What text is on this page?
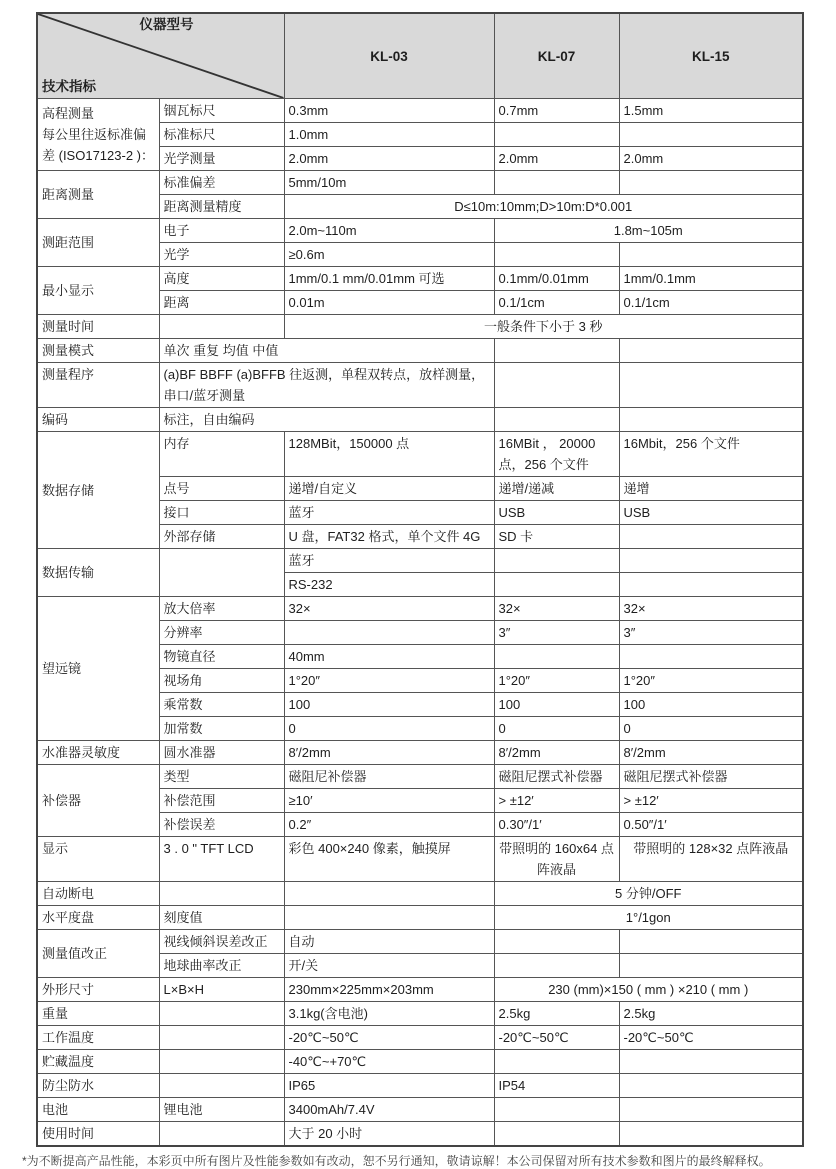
仪器型号

技术指标		KL-03	KL-07	KL-15
高程测量
每公里往返标准偏差 (ISO17123-2 )：	铟瓦标尺	0.3mm	0.7mm	1.5mm
	标准标尺	1.0mm		
	光学测量	2.0mm	2.0mm	2.0mm
距离测量	标准偏差	5mm/10m		
	距离测量精度	D≤10m:10mm;D>10m:D*0.001		
测距范围	电子	2.0m~110m	1.8m~105m	
	光学	≥0.6m		
最小显示	高度	1mm/0.1 mm/0.01mm 可选	0.1mm/0.01mm	1mm/0.1mm
	距离	0.01m	0.1/1cm	0.1/1cm
测量时间		一般条件下小于 3 秒		
测量模式	单次 重复 均值 中值			
测量程序	(a)BF BBFF (a)BFFB 往返测，单程双转点，放样测量，串口/蓝牙测量			
编码	标注，自由编码			
数据存储	内存	128MBit，150000 点	16MBit ， 20000 点，256 个文件	16Mbit，256 个文件
	点号	递增/自定义	递增/递减	递增
	接口	蓝牙	USB	USB
	外部存储	U 盘，FAT32 格式，单个文件 4G	SD 卡	
数据传输		蓝牙		
		RS-232		
望远镜	放大倍率	32×	32×	32×
	分辨率		3″	3″
	物镜直径	40mm		
	视场角	1°20″	1°20″	1°20″
	乘常数	100	100	100
	加常数	0	0	0
水准器灵敏度	圆水准器	8′/2mm	8′/2mm	8′/2mm
补偿器	类型	磁阻尼补偿器	磁阻尼摆式补偿器	磁阻尼摆式补偿器
	补偿范围	≥10′	> ±12′	> ±12′
	补偿误差	0.2″	0.30″/1′	0.50″/1′
显示	3 . 0 " TFT LCD	彩色 400×240 像素，触摸屏	带照明的 160x64 点阵液晶	带照明的 128×32 点阵液晶
自动断电			5 分钟/OFF	
水平度盘	刻度值		1°/1gon	
测量值改正	视线倾斜误差改正	自动		
	地球曲率改正	开/关		
外形尺寸	L×B×H	230mm×225mm×203mm	230 (mm)×150 ( mm ) ×210 ( mm )	
重量		3.1kg(含电池)	2.5kg	2.5kg
工作温度		-20℃~50℃	-20℃~50℃	-20℃~50℃
贮藏温度		-40℃~+70℃		
防尘防水		IP65	IP54	
电池	锂电池	3400mAh/7.4V		
使用时间		大于 20 小时		
*为不断提高产品性能，本彩页中所有图片及性能参数如有改动，恕不另行通知，敬请谅解！本公司保留对所有技术参数和图片的最终解释权。
